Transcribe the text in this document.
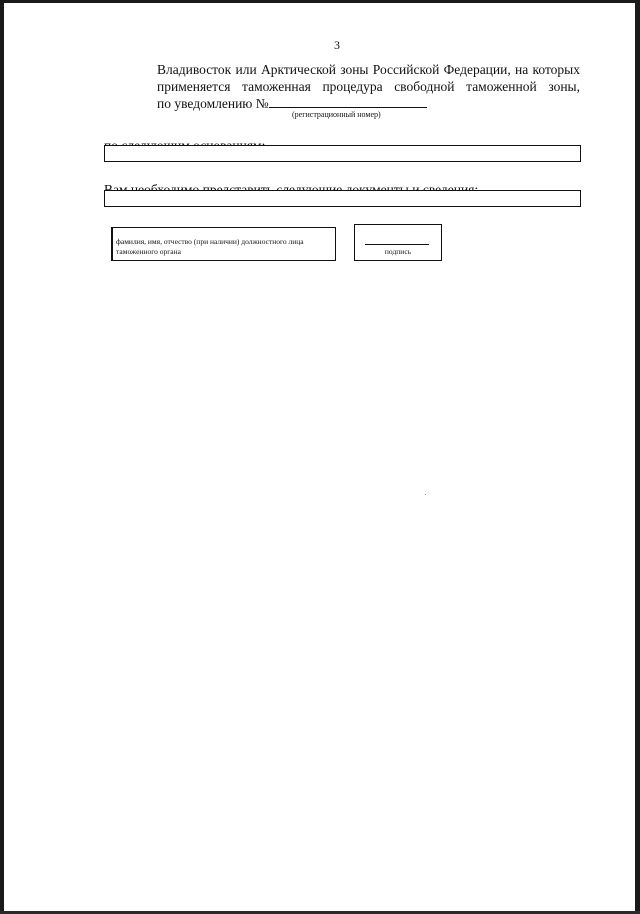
3
Владивосток или Арктической зоны Российской Федерации, на которых применяется таможенная процедура свободной таможенной зоны,
по уведомлению №
(регистрационный номер)
фамилия, имя, отчество (при наличии) должностного лица таможенного органа	подпись
